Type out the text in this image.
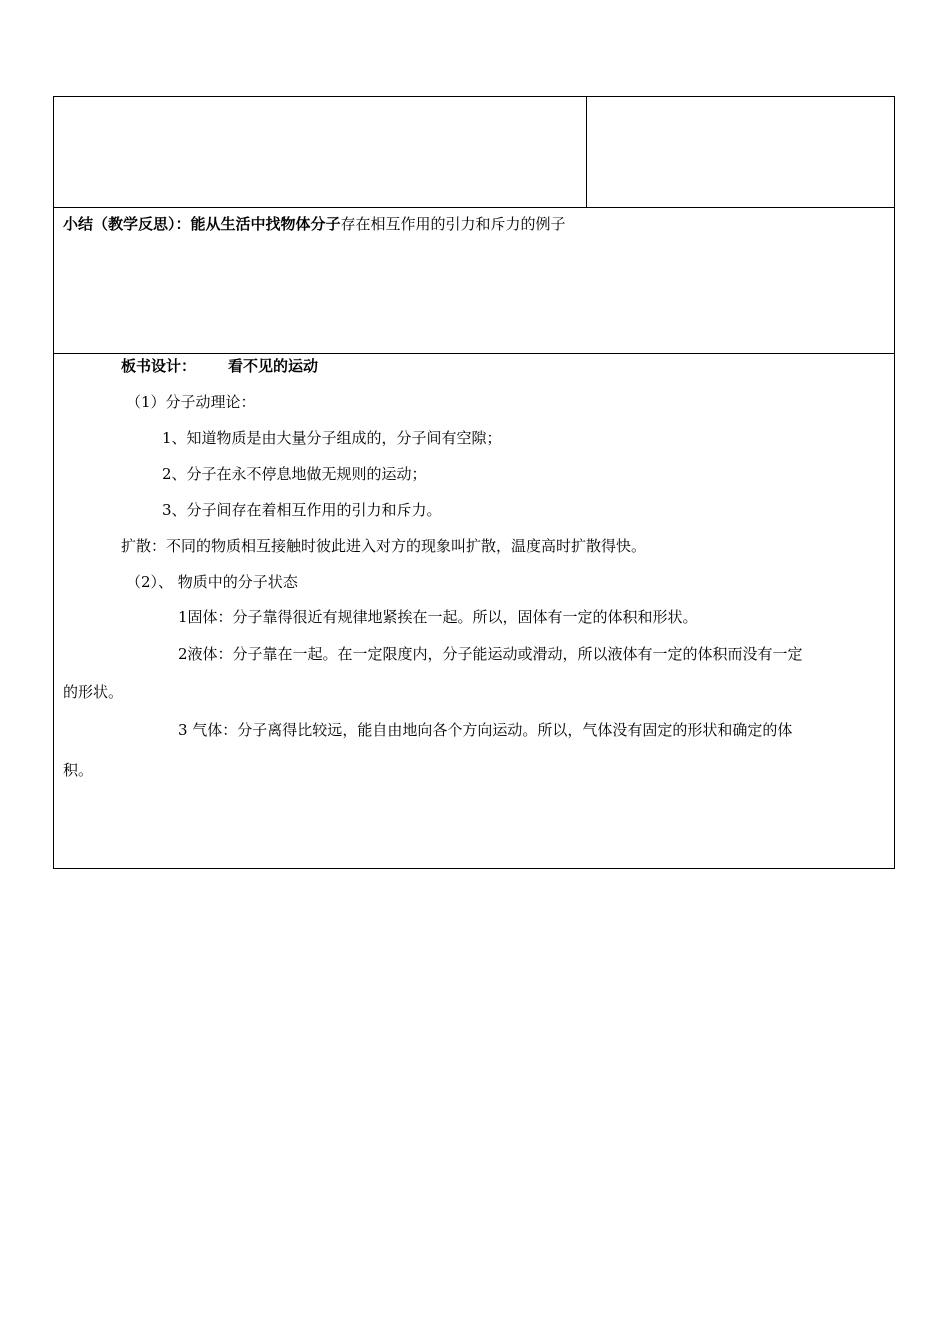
小结（教学反思）：能从生活中找物体分子存在相互作用的引力和斥力的例子
板书设计： 看不见的运动
（1）分子动理论：
1、知道物质是由大量分子组成的，分子间有空隙；
2、分子在永不停息地做无规则的运动；
3、分子间存在着相互作用的引力和斥力。
扩散：不同的物质相互接触时彼此进入对方的现象叫扩散，温度高时扩散得快。
（2）、 物质中的分子状态
1固体：分子靠得很近有规律地紧挨在一起。所以，固体有一定的体积和形状。
2液体：分子靠在一起。在一定限度内，分子能运动或滑动，所以液体有一定的体积而没有一定
的形状。
3 气体：分子离得比较远，能自由地向各个方向运动。所以，气体没有固定的形状和确定的体
积。
